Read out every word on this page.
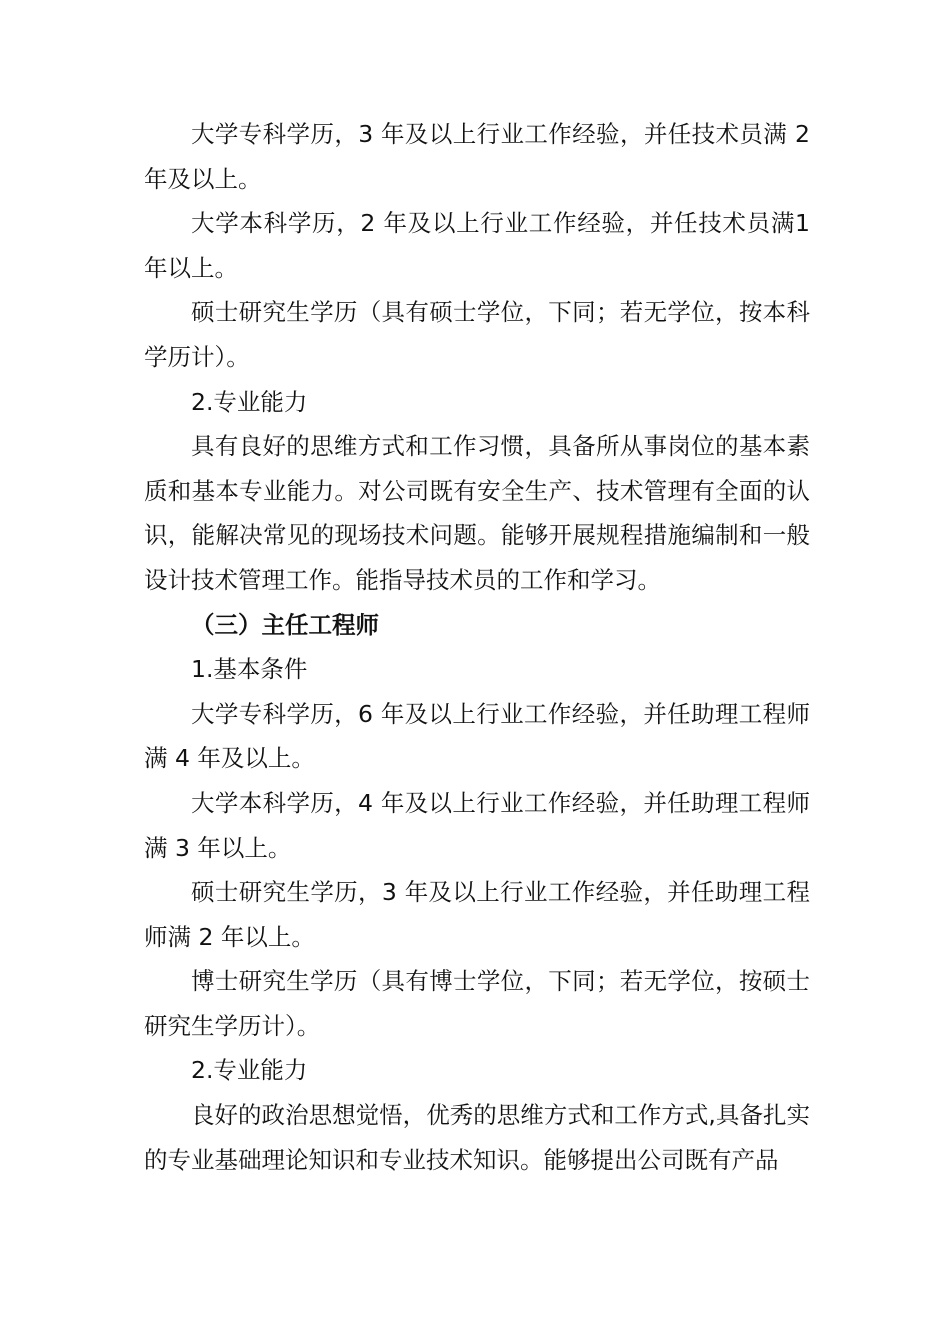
大学专科学历，3 年及以上行业工作经验，并任技术员满 2 年及以上。

大学本科学历，2 年及以上行业工作经验，并任技术员满1 年以上。

硕士研究生学历（具有硕士学位，下同；若无学位，按本科学历计）。

2.专业能力

具有良好的思维方式和工作习惯，具备所从事岗位的基本素质和基本专业能力。对公司既有安全生产、技术管理有全面的认识，能解决常见的现场技术问题。能够开展规程措施编制和一般设计技术管理工作。能指导技术员的工作和学习。

（三）主任工程师

1.基本条件

大学专科学历，6 年及以上行业工作经验，并任助理工程师满 4 年及以上。

大学本科学历，4 年及以上行业工作经验，并任助理工程师满 3 年以上。

硕士研究生学历，3 年及以上行业工作经验，并任助理工程师满 2 年以上。

博士研究生学历（具有博士学位，下同；若无学位，按硕士研究生学历计）。

2.专业能力

良好的政治思想觉悟，优秀的思维方式和工作方式,具备扎实的专业基础理论知识和专业技术知识。能够提出公司既有产品
